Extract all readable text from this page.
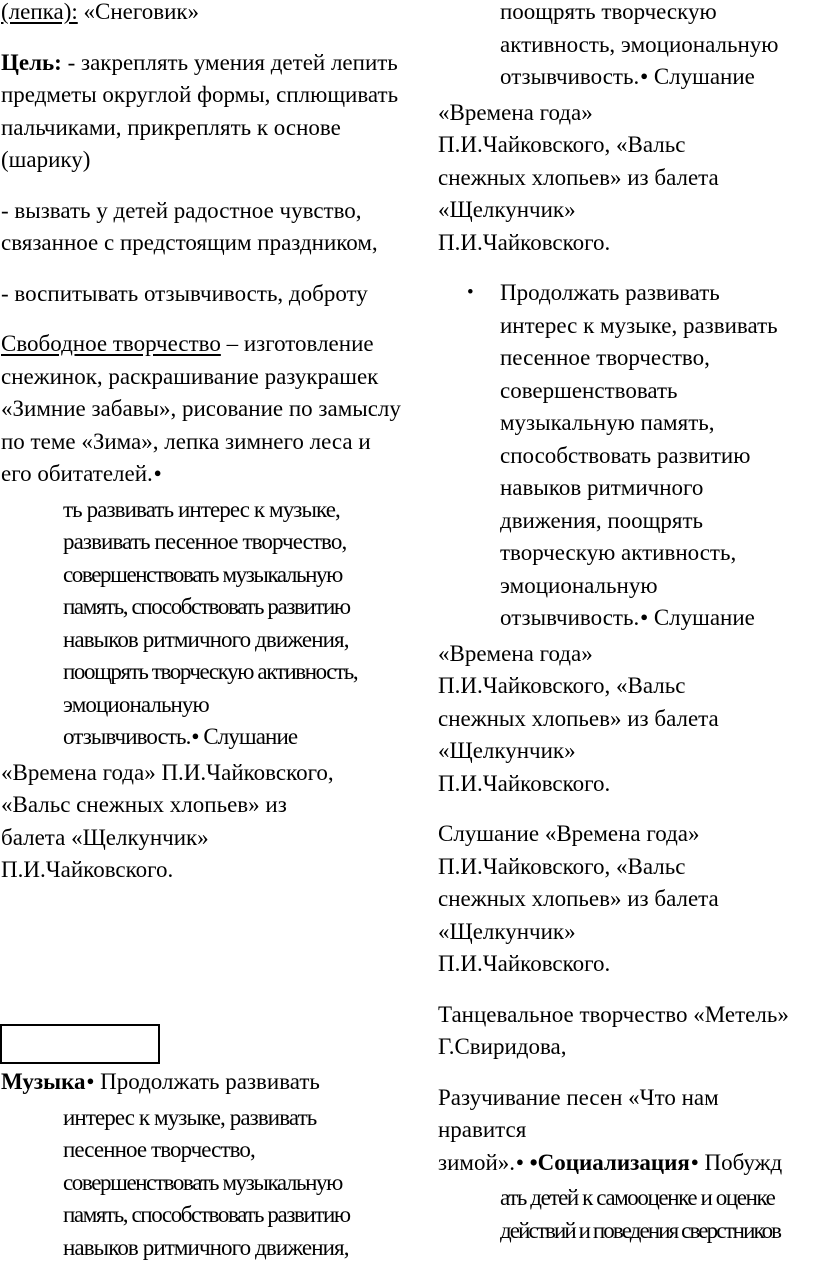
(лепка): «Снеговик»

Цель: - закреплять умения детей лепить предметы округлой формы, сплющивать пальчиками, прикреплять к основе (шарику)

- вызвать у детей радостное чувство, связанное с предстоящим праздником,

- воспитывать отзывчивость, доброту

Свободное творчество – изготовление снежинок, раскрашивание разукрашек «Зимние забавы», рисование по замыслу по теме «Зима», лепка зимнего леса и его обитателей. ●

ть развивать интерес к музыке,
развивать песенное творчество,
совершенствовать музыкальную
память, способствовать развитию
навыков ритмичного движения,
поощрять творческую активность,
эмоциональную
отзывчивость. ● Слушание
«Времена года» П.И.Чайковского,
«Вальс снежных хлопьев» из
балета «Щелкунчик»
П.И.Чайковского.
Музыка ● Продолжать развивать
интерес к музыке, развивать
песенное творчество,
совершенствовать музыкальную
память, способствовать развитию
навыков ритмичного движения,
поощрять творческую
активность, эмоциональную
отзывчивость. ● Слушание
«Времена года»
П.И.Чайковского, «Вальс
снежных хлопьев» из балета
«Щелкунчик»
П.И.Чайковского.
• Продолжать развивать
интерес к музыке, развивать
песенное творчество,
совершенствовать
музыкальную память,
способствовать развитию
навыков ритмичного
движения, поощрять
творческую активность,
эмоциональную
отзывчивость. ● Слушание
«Времена года»
П.И.Чайковского, «Вальс
снежных хлопьев» из балета
«Щелкунчик»
П.И.Чайковского.
Слушание «Времена года»
П.И.Чайковского, «Вальс
снежных хлопьев» из балета
«Щелкунчик»
П.И.Чайковского.
Танцевальное творчество «Метель»
Г.Свиридова,
Разучивание песен «Что нам
нравится
зимой». ● •Социализация ● Побужд
ать детей к самооценке и оценке
действий и поведения сверстников
